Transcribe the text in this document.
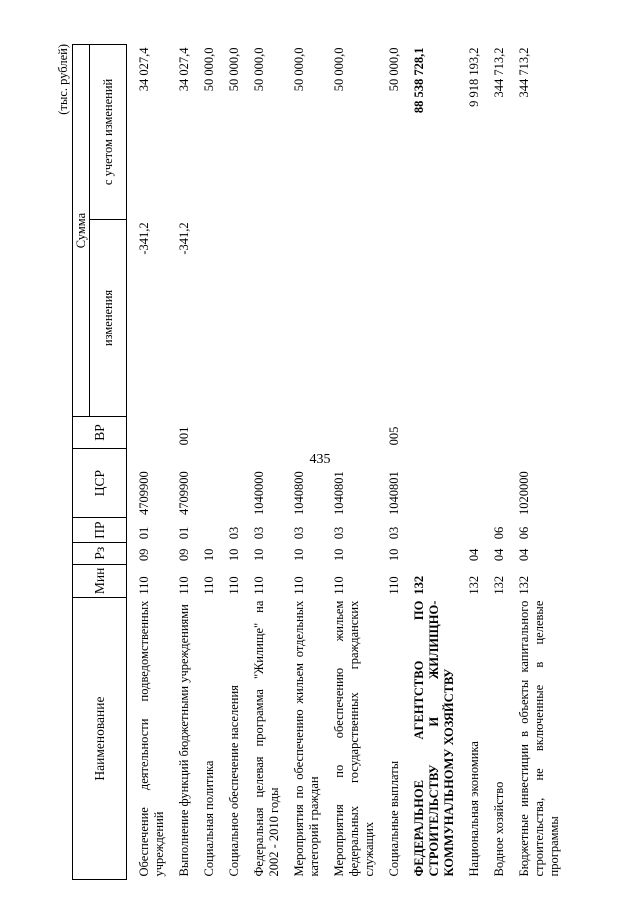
435
(тыс. рублей)
Наименование	Мин	Рз	ПР	ЦСР	ВР	Сумма	
						изменения	с учетом изменений
Обеспечение деятельности подведомственных учреждений	110	09	01	4709900		-341,2	34 027,4
Выполнение функций бюджетными учреждениями	110	09	01	4709900	001	-341,2	34 027,4
Социальная политика	110	10					50 000,0
Социальное обеспечение населения	110	10	03				50 000,0
Федеральная целевая программа "Жилище" на 2002 - 2010 годы	110	10	03	1040000			50 000,0
Мероприятия по обеспечению жильем отдельных категорий граждан	110	10	03	1040800			50 000,0
Мероприятия по обеспечению жильем федеральных государственных гражданских служащих	110	10	03	1040801			50 000,0
Социальные выплаты	110	10	03	1040801	005		50 000,0
ФЕДЕРАЛЬНОЕ АГЕНТСТВО ПО СТРОИТЕЛЬСТВУ И ЖИЛИЩНО-КОММУНАЛЬНОМУ ХОЗЯЙСТВУ	132						88 538 728,1
Национальная экономика	132	04					9 918 193,2
Водное хозяйство	132	04	06				344 713,2
Бюджетные инвестиции в объекты капитального строительства, не включенные в целевые программы	132	04	06	1020000			344 713,2
